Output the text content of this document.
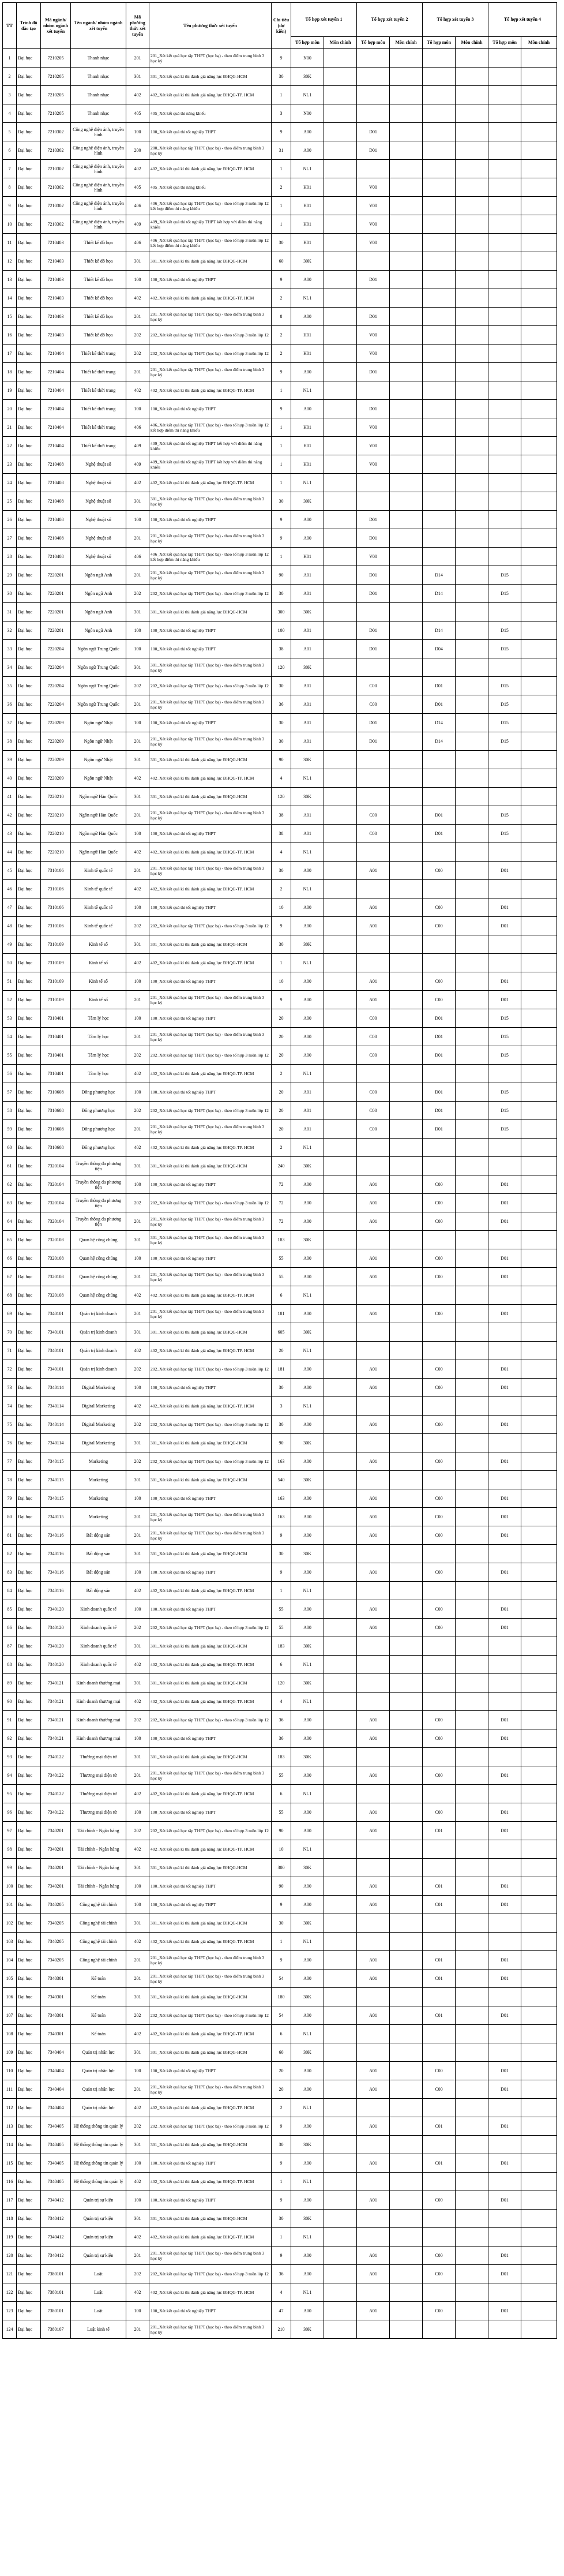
TT	Trình độ đào tạo	Mã ngành/ nhóm ngành xét tuyển	Tên ngành/ nhóm ngành xét tuyển	Mã phương thức xét tuyển	Tên phương thức xét tuyển	Chỉ tiêu (dự kiến)	Tổ hợp xét tuyển 1		Tổ hợp xét tuyển 2		Tổ hợp xét tuyển 3		Tổ hợp xét tuyển 4	
							Tổ hợp môn	Môn chính	Tổ hợp môn	Môn chính	Tổ hợp môn	Môn chính	Tổ hợp môn	Môn chính
1	Đại học	7210205	Thanh nhạc	201	201_Xét kết quả học tập THPT (học bạ) - theo điểm trung bình 3 học kỳ	9	N00							
2	Đại học	7210205	Thanh nhạc	301	301_Xét kết quả kì thi đánh giá năng lực ĐHQG-HCM	30	30K							
3	Đại học	7210205	Thanh nhạc	402	402_Xét kết quả kì thi đánh giá năng lực ĐHQG-TP. HCM	1	NL1							
4	Đại học	7210205	Thanh nhạc	405	405_Xét kết quả thi năng khiếu	3	N00							
5	Đại học	7210302	Công nghệ điện ảnh, truyền hình	100	100_Xét kết quả thi tốt nghiệp THPT	9	A00		D01					
6	Đại học	7210302	Công nghệ điện ảnh, truyền hình	200	200_Xét kết quả học tập THPT (học bạ) - theo điểm trung bình 3 học kỳ	31	A00		D01					
7	Đại học	7210302	Công nghệ điện ảnh, truyền hình	402	402_Xét kết quả kì thi đánh giá năng lực ĐHQG-TP. HCM	1	NL1							
8	Đại học	7210302	Công nghệ điện ảnh, truyền hình	405	405_Xét kết quả thi năng khiếu	2	H01		V00					
9	Đại học	7210302	Công nghệ điện ảnh, truyền hình	406	406_Xét kết quả học tập THPT (học bạ) - theo tổ hợp 3 môn lớp 12 kết hợp điểm thi năng khiếu	1	H01		V00					
10	Đại học	7210302	Công nghệ điện ảnh, truyền hình	409	409_Xét kết quả thi tốt nghiệp THPT kết hợp với điểm thi năng khiếu	1	H01		V00					
11	Đại học	7210403	Thiết kế đồ họa	406	406_Xét kết quả học tập THPT (học bạ) - theo tổ hợp 3 môn lớp 12 kết hợp điểm thi năng khiếu	30	H01		V00					
12	Đại học	7210403	Thiết kế đồ họa	301	301_Xét kết quả kì thi đánh giá năng lực ĐHQG-HCM	60	30K							
13	Đại học	7210403	Thiết kế đồ họa	100	100_Xét kết quả thi tốt nghiệp THPT	9	A00		D01					
14	Đại học	7210403	Thiết kế đồ họa	402	402_Xét kết quả kì thi đánh giá năng lực ĐHQG-TP. HCM	2	NL1							
15	Đại học	7210403	Thiết kế đồ họa	201	201_Xét kết quả học tập THPT (học bạ) - theo điểm trung bình 3 học kỳ	8	A00		D01					
16	Đại học	7210403	Thiết kế đồ họa	202	202_Xét kết quả học tập THPT (học bạ) - theo tổ hợp 3 môn lớp 12	2	H01		V00					
17	Đại học	7210404	Thiết kế thời trang	202	202_Xét kết quả học tập THPT (học bạ) - theo tổ hợp 3 môn lớp 12	2	H01		V00					
18	Đại học	7210404	Thiết kế thời trang	201	201_Xét kết quả học tập THPT (học bạ) - theo điểm trung bình 3 học kỳ	9	A00		D01					
19	Đại học	7210404	Thiết kế thời trang	402	402_Xét kết quả kì thi đánh giá năng lực ĐHQG-TP. HCM	1	NL1							
20	Đại học	7210404	Thiết kế thời trang	100	100_Xét kết quả thi tốt nghiệp THPT	9	A00		D01					
21	Đại học	7210404	Thiết kế thời trang	406	406_Xét kết quả học tập THPT (học bạ) - theo tổ hợp 3 môn lớp 12 kết hợp điểm thi năng khiếu	1	H01		V00					
22	Đại học	7210404	Thiết kế thời trang	409	409_Xét kết quả thi tốt nghiệp THPT kết hợp với điểm thi năng khiếu	1	H01		V00					
23	Đại học	7210408	Nghệ thuật số	409	409_Xét kết quả thi tốt nghiệp THPT kết hợp với điểm thi năng khiếu	1	H01		V00					
24	Đại học	7210408	Nghệ thuật số	402	402_Xét kết quả kì thi đánh giá năng lực ĐHQG-TP. HCM	1	NL1							
25	Đại học	7210408	Nghệ thuật số	301	301_Xét kết quả học tập THPT (học bạ) - theo điểm trung bình 3 học kỳ	30	30K							
26	Đại học	7210408	Nghệ thuật số	100	100_Xét kết quả thi tốt nghiệp THPT	9	A00		D01					
27	Đại học	7210408	Nghệ thuật số	201	201_Xét kết quả học tập THPT (học bạ) - theo điểm trung bình 3 học kỳ	9	A00		D01					
28	Đại học	7210408	Nghệ thuật số	406	406_Xét kết quả học tập THPT (học bạ) - theo tổ hợp 3 môn lớp 12 kết hợp điểm thi năng khiếu	1	H01		V00					
29	Đại học	7220201	Ngôn ngữ Anh	201	201_Xét kết quả học tập THPT (học bạ) - theo điểm trung bình 3 học kỳ	90	A01		D01		D14		D15	
30	Đại học	7220201	Ngôn ngữ Anh	202	202_Xét kết quả học tập THPT (học bạ) - theo tổ hợp 3 môn lớp 12	30	A01		D01		D14		D15	
31	Đại học	7220201	Ngôn ngữ Anh	301	301_Xét kết quả kì thi đánh giá năng lực ĐHQG-HCM	300	30K							
32	Đại học	7220201	Ngôn ngữ Anh	100	100_Xét kết quả thi tốt nghiệp THPT	100	A01		D01		D14		D15	
33	Đại học	7220204	Ngôn ngữ Trung Quốc	100	100_Xét kết quả thi tốt nghiệp THPT	38	A01		D01		D04		D15	
34	Đại học	7220204	Ngôn ngữ Trung Quốc	301	301_Xét kết quả học tập THPT (học bạ) - theo điểm trung bình 3 học kỳ	120	30K							
35	Đại học	7220204	Ngôn ngữ Trung Quốc	202	202_Xét kết quả học tập THPT (học bạ) - theo tổ hợp 3 môn lớp 12	30	A01		C00		D01		D15	
36	Đại học	7220204	Ngôn ngữ Trung Quốc	201	201_Xét kết quả học tập THPT (học bạ) - theo điểm trung bình 3 học kỳ	36	A01		C00		D01		D15	
37	Đại học	7220209	Ngôn ngữ Nhật	100	100_Xét kết quả thi tốt nghiệp THPT	30	A01		D01		D14		D15	
38	Đại học	7220209	Ngôn ngữ Nhật	201	201_Xét kết quả học tập THPT (học bạ) - theo điểm trung bình 3 học kỳ	30	A01		D01		D14		D15	
39	Đại học	7220209	Ngôn ngữ Nhật	301	301_Xét kết quả kì thi đánh giá năng lực ĐHQG-HCM	90	30K							
40	Đại học	7220209	Ngôn ngữ Nhật	402	402_Xét kết quả kì thi đánh giá năng lực ĐHQG-TP. HCM	4	NL1							
41	Đại học	7220210	Ngôn ngữ Hàn Quốc	301	301_Xét kết quả kì thi đánh giá năng lực ĐHQG-HCM	120	30K							
42	Đại học	7220210	Ngôn ngữ Hàn Quốc	201	201_Xét kết quả học tập THPT (học bạ) - theo điểm trung bình 3 học kỳ	38	A01		C00		D01		D15	
43	Đại học	7220210	Ngôn ngữ Hàn Quốc	100	100_Xét kết quả thi tốt nghiệp THPT	38	A01		C00		D01		D15	
44	Đại học	7220210	Ngôn ngữ Hàn Quốc	402	402_Xét kết quả kì thi đánh giá năng lực ĐHQG-TP. HCM	4	NL1							
45	Đại học	7310106	Kinh tế quốc tế	201	201_Xét kết quả học tập THPT (học bạ) - theo điểm trung bình 3 học kỳ	30	A00		A01		C00		D01	
46	Đại học	7310106	Kinh tế quốc tế	402	402_Xét kết quả kì thi đánh giá năng lực ĐHQG-TP. HCM	2	NL1							
47	Đại học	7310106	Kinh tế quốc tế	100	100_Xét kết quả thi tốt nghiệp THPT	10	A00		A01		C00		D01	
48	Đại học	7310106	Kinh tế quốc tế	202	202_Xét kết quả học tập THPT (học bạ) - theo tổ hợp 3 môn lớp 12	9	A00		A01		C00		D01	
49	Đại học	7310109	Kinh tế số	301	301_Xét kết quả kì thi đánh giá năng lực ĐHQG-HCM	30	30K							
50	Đại học	7310109	Kinh tế số	402	402_Xét kết quả kì thi đánh giá năng lực ĐHQG-TP. HCM	1	NL1							
51	Đại học	7310109	Kinh tế số	100	100_Xét kết quả thi tốt nghiệp THPT	10	A00		A01		C00		D01	
52	Đại học	7310109	Kinh tế số	201	201_Xét kết quả học tập THPT (học bạ) - theo điểm trung bình 3 học kỳ	9	A00		A01		C00		D01	
53	Đại học	7310401	Tâm lý học	100	100_Xét kết quả thi tốt nghiệp THPT	20	A00		C00		D01		D15	
54	Đại học	7310401	Tâm lý học	201	201_Xét kết quả học tập THPT (học bạ) - theo điểm trung bình 3 học kỳ	20	A00		C00		D01		D15	
55	Đại học	7310401	Tâm lý học	202	202_Xét kết quả học tập THPT (học bạ) - theo tổ hợp 3 môn lớp 12	20	A00		C00		D01		D15	
56	Đại học	7310401	Tâm lý học	402	402_Xét kết quả kì thi đánh giá năng lực ĐHQG-TP. HCM	2	NL1							
57	Đại học	7310608	Đông phương học	100	100_Xét kết quả thi tốt nghiệp THPT	20	A01		C00		D01		D15	
58	Đại học	7310608	Đông phương học	202	202_Xét kết quả học tập THPT (học bạ) - theo tổ hợp 3 môn lớp 12	20	A01		C00		D01		D15	
59	Đại học	7310608	Đông phương học	201	201_Xét kết quả học tập THPT (học bạ) - theo điểm trung bình 3 học kỳ	20	A01		C00		D01		D15	
60	Đại học	7310608	Đông phương học	402	402_Xét kết quả kì thi đánh giá năng lực ĐHQG-TP. HCM	2	NL1							
61	Đại học	7320104	Truyền thông đa phương tiện	301	301_Xét kết quả kì thi đánh giá năng lực ĐHQG-HCM	240	30K							
62	Đại học	7320104	Truyền thông đa phương tiện	100	100_Xét kết quả thi tốt nghiệp THPT	72	A00		A01		C00		D01	
63	Đại học	7320104	Truyền thông đa phương tiện	202	202_Xét kết quả học tập THPT (học bạ) - theo tổ hợp 3 môn lớp 12	72	A00		A01		C00		D01	
64	Đại học	7320104	Truyền thông đa phương tiện	201	201_Xét kết quả học tập THPT (học bạ) - theo điểm trung bình 3 học kỳ	72	A00		A01		C00		D01	
65	Đại học	7320108	Quan hệ công chúng	301	301_Xét kết quả học tập THPT (học bạ) - theo điểm trung bình 3 học kỳ	183	30K							
66	Đại học	7320108	Quan hệ công chúng	100	100_Xét kết quả thi tốt nghiệp THPT	55	A00		A01		C00		D01	
67	Đại học	7320108	Quan hệ công chúng	201	201_Xét kết quả học tập THPT (học bạ) - theo điểm trung bình 3 học kỳ	55	A00		A01		C00		D01	
68	Đại học	7320108	Quan hệ công chúng	402	402_Xét kết quả kì thi đánh giá năng lực ĐHQG-TP. HCM	6	NL1							
69	Đại học	7340101	Quản trị kinh doanh	201	201_Xét kết quả học tập THPT (học bạ) - theo điểm trung bình 3 học kỳ	181	A00		A01		C00		D01	
70	Đại học	7340101	Quản trị kinh doanh	301	301_Xét kết quả kì thi đánh giá năng lực ĐHQG-HCM	605	30K							
71	Đại học	7340101	Quản trị kinh doanh	402	402_Xét kết quả kì thi đánh giá năng lực ĐHQG-TP. HCM	20	NL1							
72	Đại học	7340101	Quản trị kinh doanh	202	202_Xét kết quả học tập THPT (học bạ) - theo tổ hợp 3 môn lớp 12	181	A00		A01		C00		D01	
73	Đại học	7340114	Digital Marketing	100	100_Xét kết quả thi tốt nghiệp THPT	30	A00		A01		C00		D01	
74	Đại học	7340114	Digital Marketing	402	402_Xét kết quả kì thi đánh giá năng lực ĐHQG-TP. HCM	3	NL1							
75	Đại học	7340114	Digital Marketing	202	202_Xét kết quả học tập THPT (học bạ) - theo tổ hợp 3 môn lớp 12	30	A00		A01		C00		D01	
76	Đại học	7340114	Digital Marketing	301	301_Xét kết quả kì thi đánh giá năng lực ĐHQG-HCM	90	30K							
77	Đại học	7340115	Marketing	202	202_Xét kết quả học tập THPT (học bạ) - theo tổ hợp 3 môn lớp 12	163	A00		A01		C00		D01	
78	Đại học	7340115	Marketing	301	301_Xét kết quả kì thi đánh giá năng lực ĐHQG-HCM	540	30K							
79	Đại học	7340115	Marketing	100	100_Xét kết quả thi tốt nghiệp THPT	163	A00		A01		C00		D01	
80	Đại học	7340115	Marketing	201	201_Xét kết quả học tập THPT (học bạ) - theo điểm trung bình 3 học kỳ	163	A00		A01		C00		D01	
81	Đại học	7340116	Bất động sản	201	201_Xét kết quả học tập THPT (học bạ) - theo điểm trung bình 3 học kỳ	9	A00		A01		C00		D01	
82	Đại học	7340116	Bất động sản	301	301_Xét kết quả kì thi đánh giá năng lực ĐHQG-HCM	30	30K							
83	Đại học	7340116	Bất động sản	100	100_Xét kết quả thi tốt nghiệp THPT	9	A00		A01		C00		D01	
84	Đại học	7340116	Bất động sản	402	402_Xét kết quả kì thi đánh giá năng lực ĐHQG-TP. HCM	1	NL1							
85	Đại học	7340120	Kinh doanh quốc tế	100	100_Xét kết quả thi tốt nghiệp THPT	55	A00		A01		C00		D01	
86	Đại học	7340120	Kinh doanh quốc tế	202	202_Xét kết quả học tập THPT (học bạ) - theo tổ hợp 3 môn lớp 12	55	A00		A01		C00		D01	
87	Đại học	7340120	Kinh doanh quốc tế	301	301_Xét kết quả kì thi đánh giá năng lực ĐHQG-HCM	183	30K							
88	Đại học	7340120	Kinh doanh quốc tế	402	402_Xét kết quả kì thi đánh giá năng lực ĐHQG-TP. HCM	6	NL1							
89	Đại học	7340121	Kinh doanh thương mại	301	301_Xét kết quả kì thi đánh giá năng lực ĐHQG-HCM	120	30K							
90	Đại học	7340121	Kinh doanh thương mại	402	402_Xét kết quả kì thi đánh giá năng lực ĐHQG-TP. HCM	4	NL1							
91	Đại học	7340121	Kinh doanh thương mại	202	202_Xét kết quả học tập THPT (học bạ) - theo tổ hợp 3 môn lớp 12	36	A00		A01		C00		D01	
92	Đại học	7340121	Kinh doanh thương mại	100	100_Xét kết quả thi tốt nghiệp THPT	36	A00		A01		C00		D01	
93	Đại học	7340122	Thương mại điện tử	301	301_Xét kết quả kì thi đánh giá năng lực ĐHQG-HCM	183	30K							
94	Đại học	7340122	Thương mại điện tử	201	201_Xét kết quả học tập THPT (học bạ) - theo điểm trung bình 3 học kỳ	55	A00		A01		C00		D01	
95	Đại học	7340122	Thương mại điện tử	402	402_Xét kết quả kì thi đánh giá năng lực ĐHQG-TP. HCM	6	NL1							
96	Đại học	7340122	Thương mại điện tử	100	100_Xét kết quả thi tốt nghiệp THPT	55	A00		A01		C00		D01	
97	Đại học	7340201	Tài chính - Ngân hàng	202	202_Xét kết quả học tập THPT (học bạ) - theo tổ hợp 3 môn lớp 12	90	A00		A01		C01		D01	
98	Đại học	7340201	Tài chính - Ngân hàng	402	402_Xét kết quả kì thi đánh giá năng lực ĐHQG-TP. HCM	10	NL1							
99	Đại học	7340201	Tài chính - Ngân hàng	301	301_Xét kết quả kì thi đánh giá năng lực ĐHQG-HCM	300	30K							
100	Đại học	7340201	Tài chính - Ngân hàng	100	100_Xét kết quả thi tốt nghiệp THPT	90	A00		A01		C01		D01	
101	Đại học	7340205	Công nghệ tài chính	100	100_Xét kết quả thi tốt nghiệp THPT	9	A00		A01		C01		D01	
102	Đại học	7340205	Công nghệ tài chính	301	301_Xét kết quả kì thi đánh giá năng lực ĐHQG-HCM	30	30K							
103	Đại học	7340205	Công nghệ tài chính	402	402_Xét kết quả kì thi đánh giá năng lực ĐHQG-TP. HCM	1	NL1							
104	Đại học	7340205	Công nghệ tài chính	201	201_Xét kết quả học tập THPT (học bạ) - theo điểm trung bình 3 học kỳ	9	A00		A01		C01		D01	
105	Đại học	7340301	Kế toán	201	201_Xét kết quả học tập THPT (học bạ) - theo điểm trung bình 3 học kỳ	54	A00		A01		C01		D01	
106	Đại học	7340301	Kế toán	301	301_Xét kết quả kì thi đánh giá năng lực ĐHQG-HCM	180	30K							
107	Đại học	7340301	Kế toán	202	202_Xét kết quả học tập THPT (học bạ) - theo tổ hợp 3 môn lớp 12	54	A00		A01		C01		D01	
108	Đại học	7340301	Kế toán	402	402_Xét kết quả kì thi đánh giá năng lực ĐHQG-TP. HCM	6	NL1							
109	Đại học	7340404	Quản trị nhân lực	301	301_Xét kết quả kì thi đánh giá năng lực ĐHQG-HCM	60	30K							
110	Đại học	7340404	Quản trị nhân lực	100	100_Xét kết quả thi tốt nghiệp THPT	20	A00		A01		C00		D01	
111	Đại học	7340404	Quản trị nhân lực	201	201_Xét kết quả học tập THPT (học bạ) - theo điểm trung bình 3 học kỳ	20	A00		A01		C00		D01	
112	Đại học	7340404	Quản trị nhân lực	402	402_Xét kết quả kì thi đánh giá năng lực ĐHQG-TP. HCM	2	NL1							
113	Đại học	7340405	Hệ thống thông tin quản lý	202	202_Xét kết quả học tập THPT (học bạ) - theo tổ hợp 3 môn lớp 12	9	A00		A01		C01		D01	
114	Đại học	7340405	Hệ thống thông tin quản lý	301	301_Xét kết quả kì thi đánh giá năng lực ĐHQG-HCM	30	30K							
115	Đại học	7340405	Hệ thống thông tin quản lý	100	100_Xét kết quả thi tốt nghiệp THPT	9	A00		A01		C01		D01	
116	Đại học	7340405	Hệ thống thông tin quản lý	402	402_Xét kết quả kì thi đánh giá năng lực ĐHQG-TP. HCM	1	NL1							
117	Đại học	7340412	Quản trị sự kiện	100	100_Xét kết quả thi tốt nghiệp THPT	9	A00		A01		C00		D01	
118	Đại học	7340412	Quản trị sự kiện	301	301_Xét kết quả kì thi đánh giá năng lực ĐHQG-HCM	30	30K							
119	Đại học	7340412	Quản trị sự kiện	402	402_Xét kết quả kì thi đánh giá năng lực ĐHQG-TP. HCM	1	NL1							
120	Đại học	7340412	Quản trị sự kiện	201	201_Xét kết quả học tập THPT (học bạ) - theo điểm trung bình 3 học kỳ	9	A00		A01		C00		D01	
121	Đại học	7380101	Luật	202	202_Xét kết quả học tập THPT (học bạ) - theo tổ hợp 3 môn lớp 12	36	A00		A01		C00		D01	
122	Đại học	7380101	Luật	402	402_Xét kết quả kì thi đánh giá năng lực ĐHQG-TP. HCM	4	NL1							
123	Đại học	7380101	Luật	100	100_Xét kết quả thi tốt nghiệp THPT	47	A00		A01		C00		D01	
124	Đại học	7380107	Luật kinh tế	201	201_Xét kết quả học tập THPT (học bạ) - theo điểm trung bình 3 học kỳ	210	30K							
